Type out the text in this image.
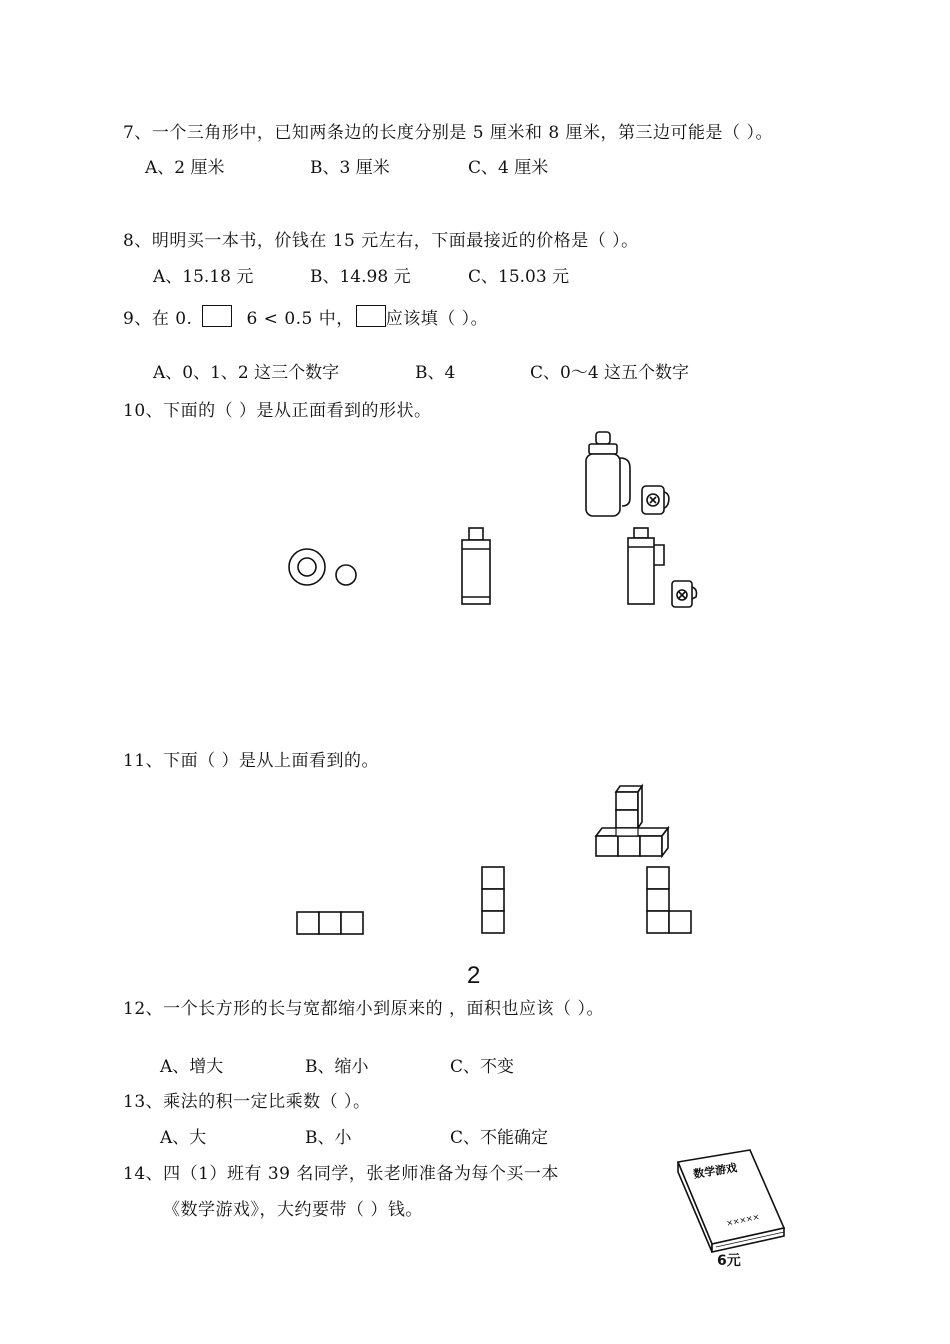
7、一个三角形中，已知两条边的长度分别是 5 厘米和 8 厘米，第三边可能是（ ）。
A、2 厘米	B、3 厘米	C、4 厘米
8、明明买一本书，价钱在 15 元左右，下面最接近的价格是（ ）。
A、15.18 元	B、14.98 元	C、15.03 元
9、在 0.	6 < 0.5 中， 应该填（ ）。
A、0、1、2 这三个数字	B、4	C、0～4 这五个数字
10、下面的（ ）是从正面看到的形状。
11、下面（ ）是从上面看到的。
2
12、一个长方形的长与宽都缩小到原来的 ，面积也应该（ ）。
A、增大	B、缩小	C、不变
13、乘法的积一定比乘数（ ）。
A、大	B、小	C、不能确定
14、四（1）班有 39 名同学，张老师准备为每个买一本
《数学游戏》，大约要带（ ）钱。
数学游戏
×××××
6元
